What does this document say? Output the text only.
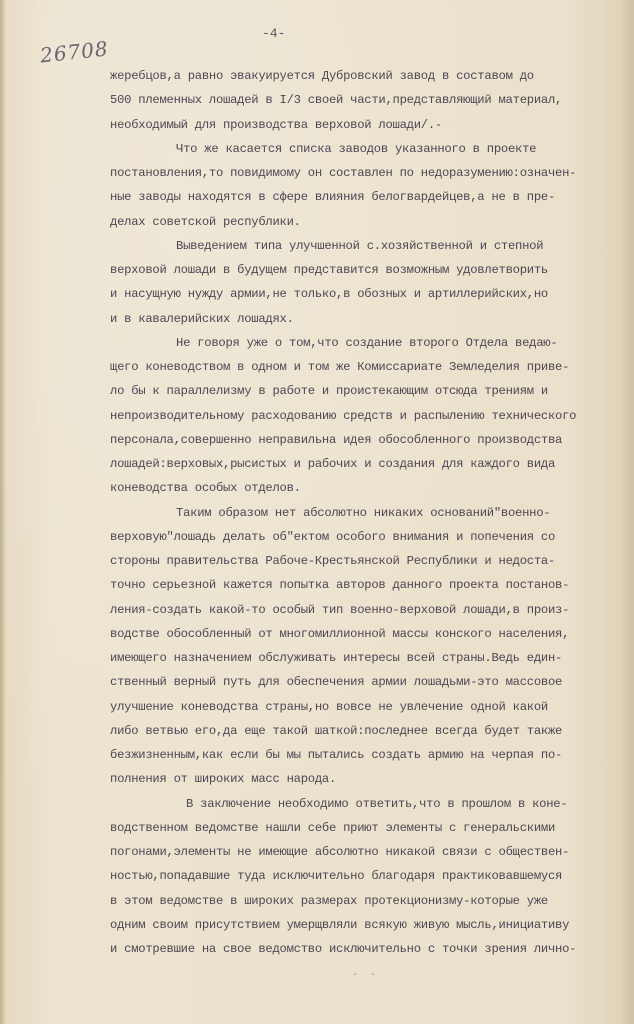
26708
-4-
жеребцов,а равно эвакуируется Дубровский завод в составом до
500 племенных лошадей в I/3 своей части,представляющий материал,
необходимый для производства верховой лошади/.-
Что же касается списка заводов указанного в проекте
постановления,то повидимому он составлен по недоразумению:означен-
ные заводы находятся в сфере влияния белогвардейцев,а не в пре-
делах советской республики.
Выведением типа улучшенной с.хозяйственной и степной
верховой лошади в будущем представится возможным удовлетворить
и насущную нужду армии,не только,в обозных и артиллерийских,но
и в кавалерийских лошадях.
Не говоря уже о том,что создание второго Отдела ведаю-
щего коневодством в одном и том же Комиссариате Земледелия приве-
ло бы к параллелизму в работе и проистекающим отсюда трениям и
непроизводительному расходованию средств и распылению технического
персонала,совершенно неправильна идея обособленного производства
лошадей:верховых,рысистых и рабочих и создания для каждого вида
коневодства особых отделов.
Таким образом нет абсолютно никаких оснований"военно-
верховую"лошадь делать об"ектом особого внимания и попечения со
стороны правительства Рабоче-Крестьянской Республики и недоста-
точно серьезной кажется попытка авторов данного проекта постанов-
ления-создать какой-то особый тип военно-верховой лошади,в произ-
водстве обособленный от многомиллионной массы конского населения,
имеющего назначением обслуживать интересы всей страны.Ведь един-
ственный верный путь для обеспечения армии лошадьми-это массовое
улучшение коневодства страны,но вовсе не увлечение одной какой
либо ветвью его,да еще такой шаткой:последнее всегда будет также
безжизненным,как если бы мы пытались создать армию на черпая по-
полнения от широких масс народа.
В заключение необходимо ответить,что в прошлом в коне-
водственном ведомстве нашли себе приют элементы с генеральскими
погонами,элементы не имеющие абсолютно никакой связи с обществен-
ностью,попадавшие туда исключительно благодаря практиковавшемуся
в этом ведомстве в широких размерах протекционизму-которые уже
одним своим присутствием умерщвляли всякую живую мысль,инициативу
и смотревшие на свое ведомство исключительно с точки зрения лично-
· ·
